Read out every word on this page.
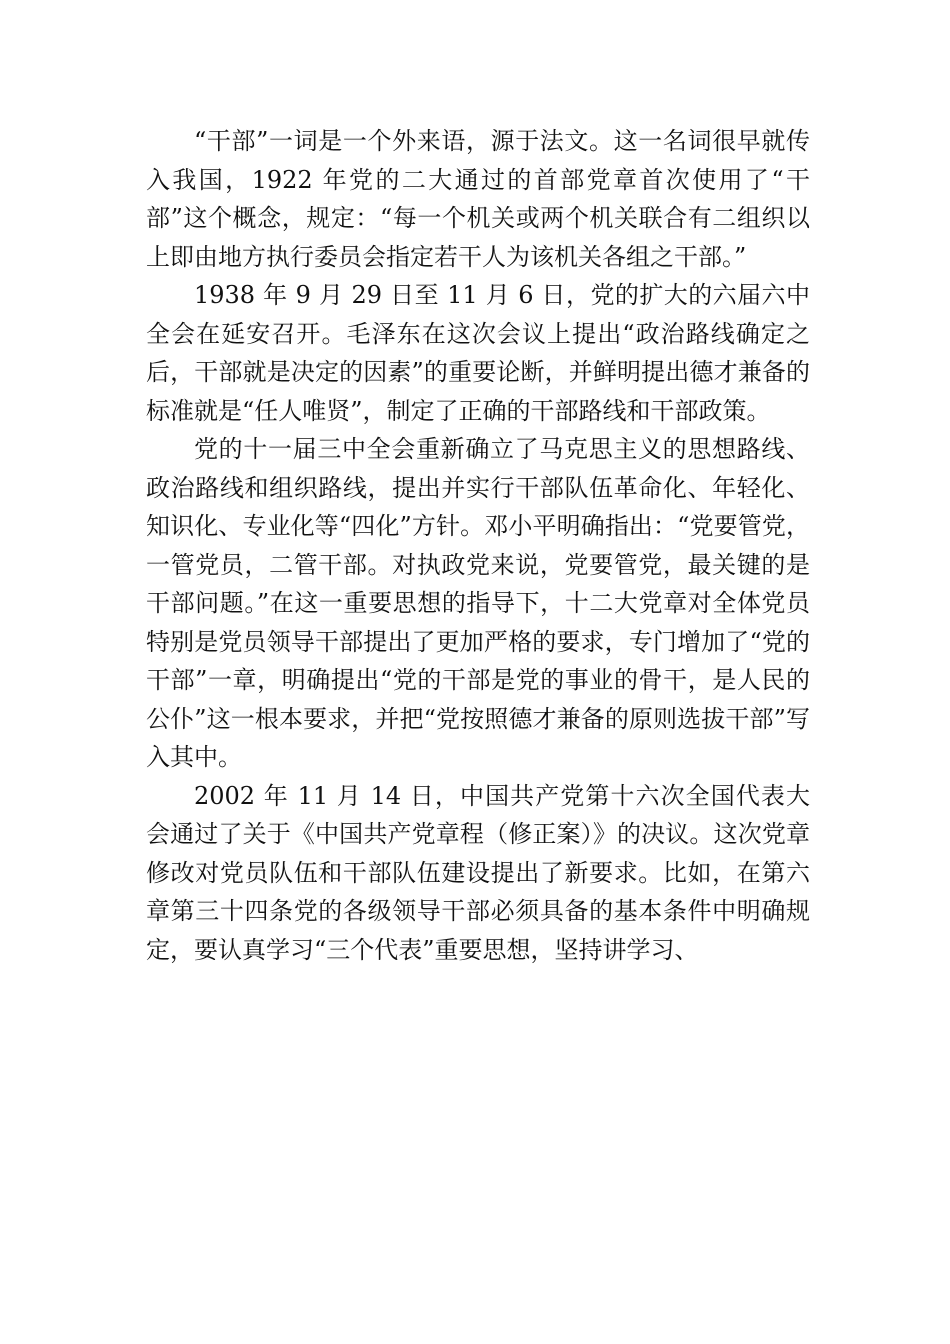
“干部”一词是一个外来语，源于法文。这一名词很早就传入我国，1922 年党的二大通过的首部党章首次使用了“干部”这个概念，规定：“每一个机关或两个机关联合有二组织以上即由地方执行委员会指定若干人为该机关各组之干部。”

1938 年 9 月 29 日至 11 月 6 日，党的扩大的六届六中全会在延安召开。毛泽东在这次会议上提出“政治路线确定之后，干部就是决定的因素”的重要论断，并鲜明提出德才兼备的标准就是“任人唯贤”，制定了正确的干部路线和干部政策。

党的十一届三中全会重新确立了马克思主义的思想路线、政治路线和组织路线，提出并实行干部队伍革命化、年轻化、知识化、专业化等“四化”方针。邓小平明确指出：“党要管党，一管党员，二管干部。对执政党来说，党要管党，最关键的是干部问题。”在这一重要思想的指导下，十二大党章对全体党员特别是党员领导干部提出了更加严格的要求，专门增加了“党的干部”一章，明确提出“党的干部是党的事业的骨干，是人民的公仆”这一根本要求，并把“党按照德才兼备的原则选拔干部”写入其中。

2002 年 11 月 14 日，中国共产党第十六次全国代表大会通过了关于《中国共产党章程（修正案）》的决议。这次党章修改对党员队伍和干部队伍建设提出了新要求。比如，在第六章第三十四条党的各级领导干部必须具备的基本条件中明确规定，要认真学习“三个代表”重要思想，坚持讲学习、
